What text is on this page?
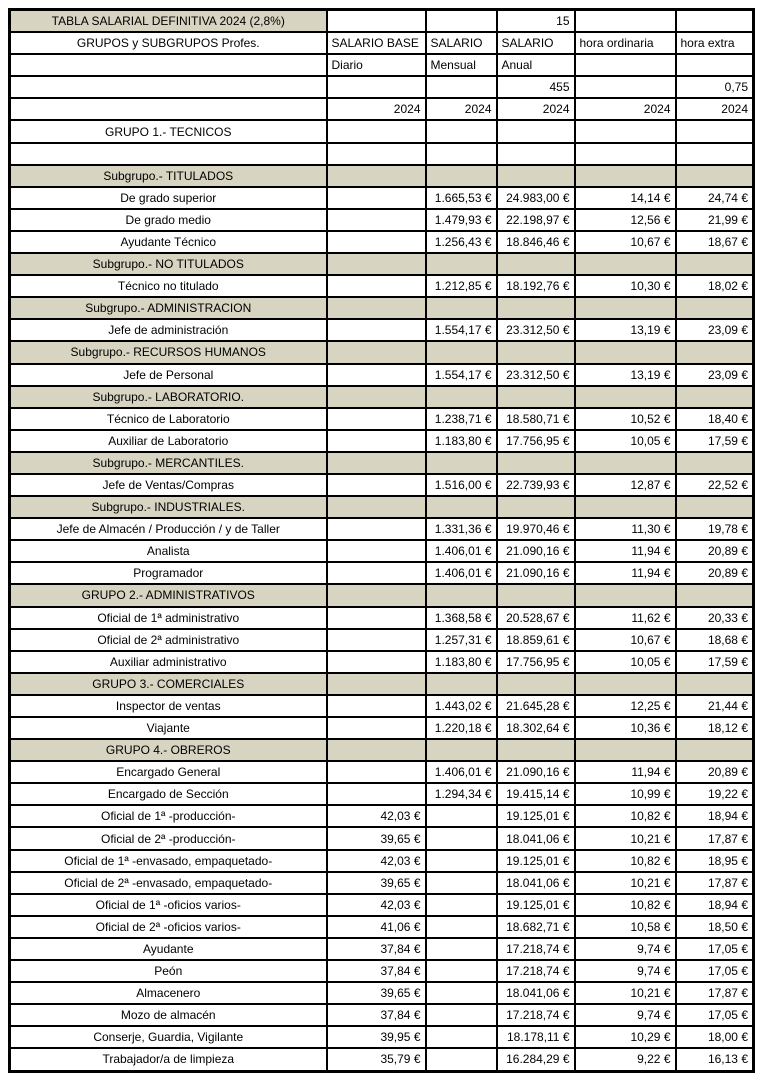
TABLA SALARIAL DEFINITIVA 2024 (2,8%)			15		
GRUPOS y SUBGRUPOS Profes.	SALARIO BASE	SALARIO	SALARIO	hora ordinaria	hora extra
	Diario	Mensual	Anual		
			455		0,75
	2024	2024	2024	2024	2024
GRUPO 1.- TECNICOS					

Subgrupo.- TITULADOS					
De grado superior		1.665,53 €	24.983,00 €	14,14 €	24,74 €
De grado medio		1.479,93 €	22.198,97 €	12,56 €	21,99 €
Ayudante Técnico		1.256,43 €	18.846,46 €	10,67 €	18,67 €
Subgrupo.- NO TITULADOS					
Técnico no titulado		1.212,85 €	18.192,76 €	10,30 €	18,02 €
Subgrupo.- ADMINISTRACION					
Jefe de administración		1.554,17 €	23.312,50 €	13,19 €	23,09 €
Subgrupo.- RECURSOS HUMANOS					
Jefe de Personal		1.554,17 €	23.312,50 €	13,19 €	23,09 €
Subgrupo.- LABORATORIO.					
Técnico de Laboratorio		1.238,71 €	18.580,71 €	10,52 €	18,40 €
Auxiliar de Laboratorio		1.183,80 €	17.756,95 €	10,05 €	17,59 €
Subgrupo.- MERCANTILES.					
Jefe de Ventas/Compras		1.516,00 €	22.739,93 €	12,87 €	22,52 €
Subgrupo.- INDUSTRIALES.					
Jefe de Almacén / Producción / y de Taller		1.331,36 €	19.970,46 €	11,30 €	19,78 €
Analista		1.406,01 €	21.090,16 €	11,94 €	20,89 €
Programador		1.406,01 €	21.090,16 €	11,94 €	20,89 €
GRUPO 2.- ADMINISTRATIVOS					
Oficial de 1ª administrativo		1.368,58 €	20.528,67 €	11,62 €	20,33 €
Oficial de 2ª administrativo		1.257,31 €	18.859,61 €	10,67 €	18,68 €
Auxiliar administrativo		1.183,80 €	17.756,95 €	10,05 €	17,59 €
GRUPO 3.- COMERCIALES					
Inspector de ventas		1.443,02 €	21.645,28 €	12,25 €	21,44 €
Viajante		1.220,18 €	18.302,64 €	10,36 €	18,12 €
GRUPO 4.- OBREROS					
Encargado General		1.406,01 €	21.090,16 €	11,94 €	20,89 €
Encargado de Sección		1.294,34 €	19.415,14 €	10,99 €	19,22 €
Oficial de 1ª -producción-	42,03 €		19.125,01 €	10,82 €	18,94 €
Oficial de 2ª -producción-	39,65 €		18.041,06 €	10,21 €	17,87 €
Oficial de 1ª -envasado, empaquetado-	42,03 €		19.125,01 €	10,82 €	18,95 €
Oficial de 2ª -envasado, empaquetado-	39,65 €		18.041,06 €	10,21 €	17,87 €
Oficial de 1ª -oficios varios-	42,03 €		19.125,01 €	10,82 €	18,94 €
Oficial de 2ª -oficios varios-	41,06 €		18.682,71 €	10,58 €	18,50 €
Ayudante	37,84 €		17.218,74 €	9,74 €	17,05 €
Peón	37,84 €		17.218,74 €	9,74 €	17,05 €
Almacenero	39,65 €		18.041,06 €	10,21 €	17,87 €
Mozo de almacén	37,84 €		17.218,74 €	9,74 €	17,05 €
Conserje, Guardia, Vigilante	39,95 €		18.178,11 €	10,29 €	18,00 €
Trabajador/a de limpieza	35,79 €		16.284,29 €	9,22 €	16,13 €
